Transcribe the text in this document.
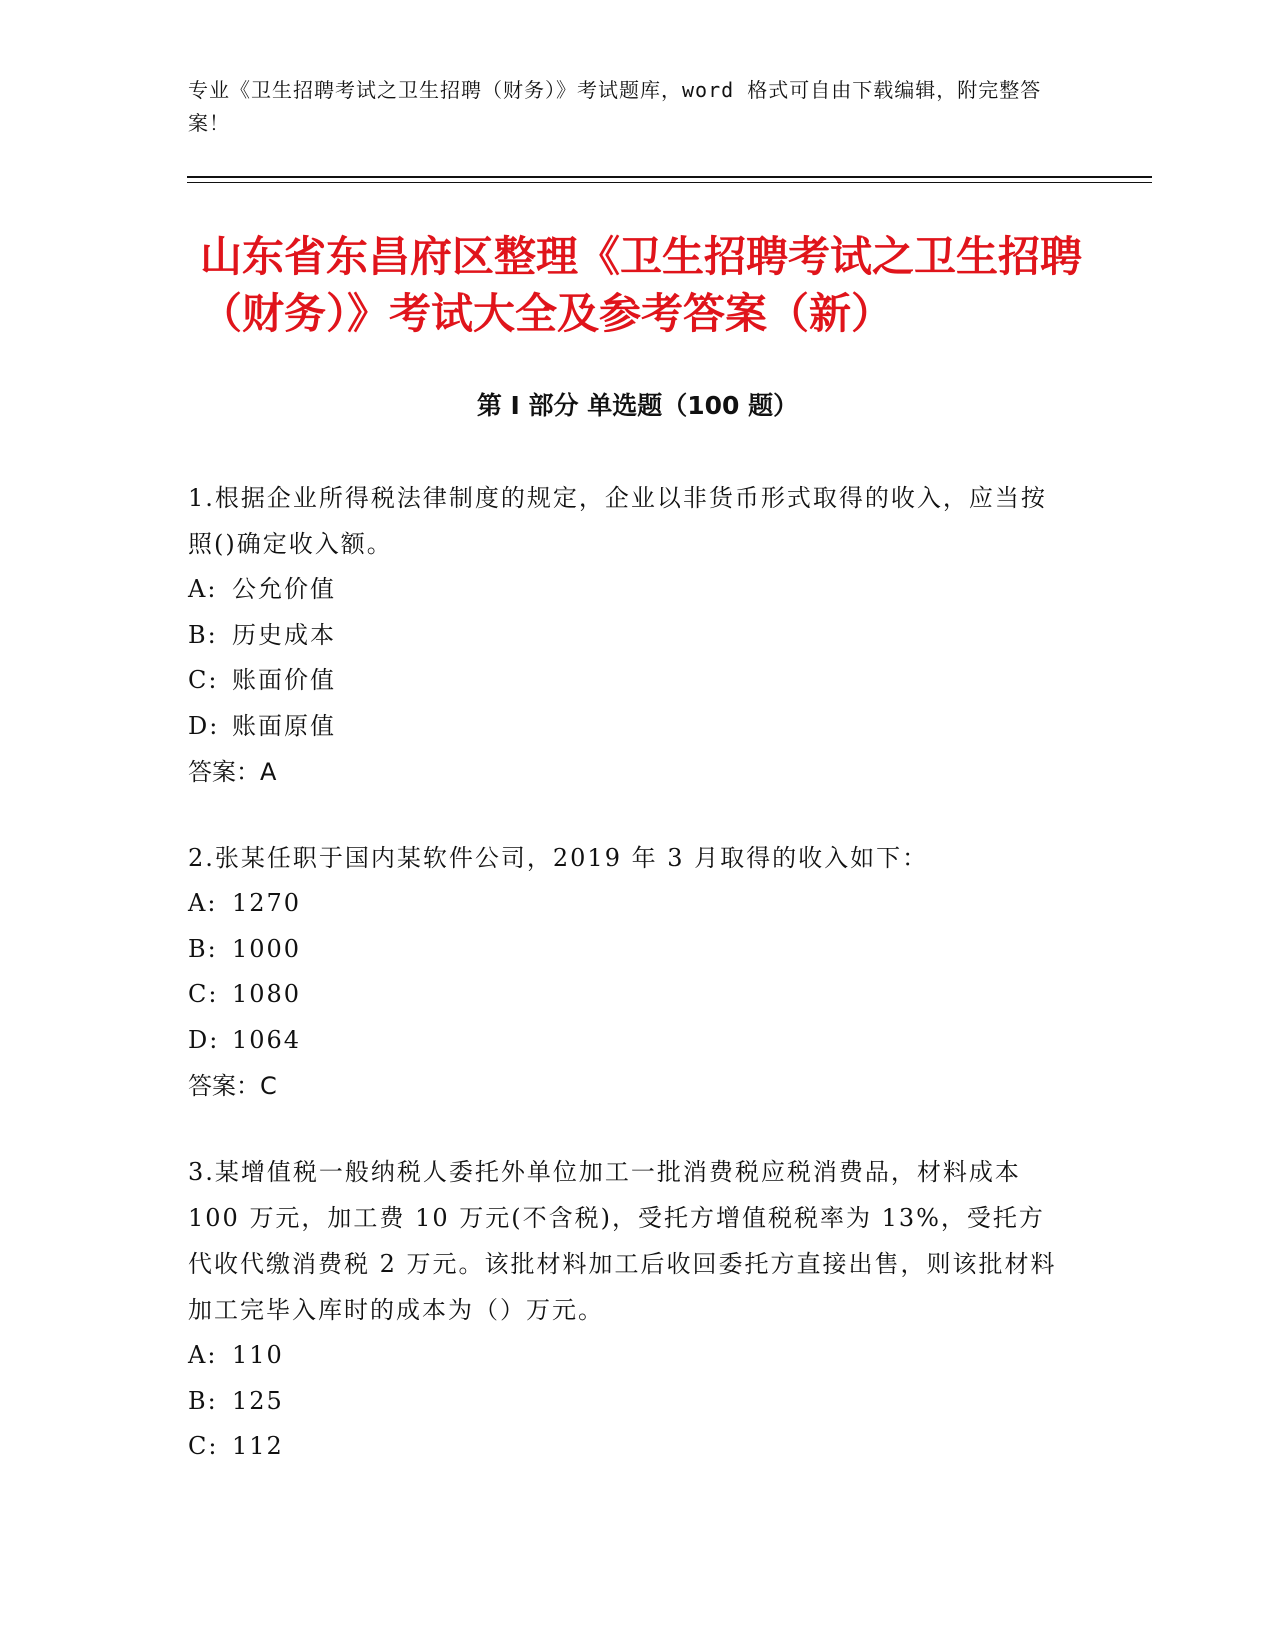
专业《卫生招聘考试之卫生招聘（财务）》考试题库，word 格式可自由下载编辑，附完整答案！
山东省东昌府区整理《卫生招聘考试之卫生招聘（财务）》考试大全及参考答案（新）
第 I 部分 单选题（100 题）
1.根据企业所得税法律制度的规定，企业以非货币形式取得的收入，应当按照()确定收入额。
A: 公允价值
B: 历史成本
C: 账面价值
D: 账面原值
答案：A
2.张某任职于国内某软件公司，2019 年 3 月取得的收入如下：
A: 1270
B: 1000
C: 1080
D: 1064
答案：C
3.某增值税一般纳税人委托外单位加工一批消费税应税消费品，材料成本 100 万元，加工费 10 万元(不含税)，受托方增值税税率为 13%，受托方代收代缴消费税 2 万元。该批材料加工后收回委托方直接出售，则该批材料加工完毕入库时的成本为（）万元。
A: 110
B: 125
C: 112
